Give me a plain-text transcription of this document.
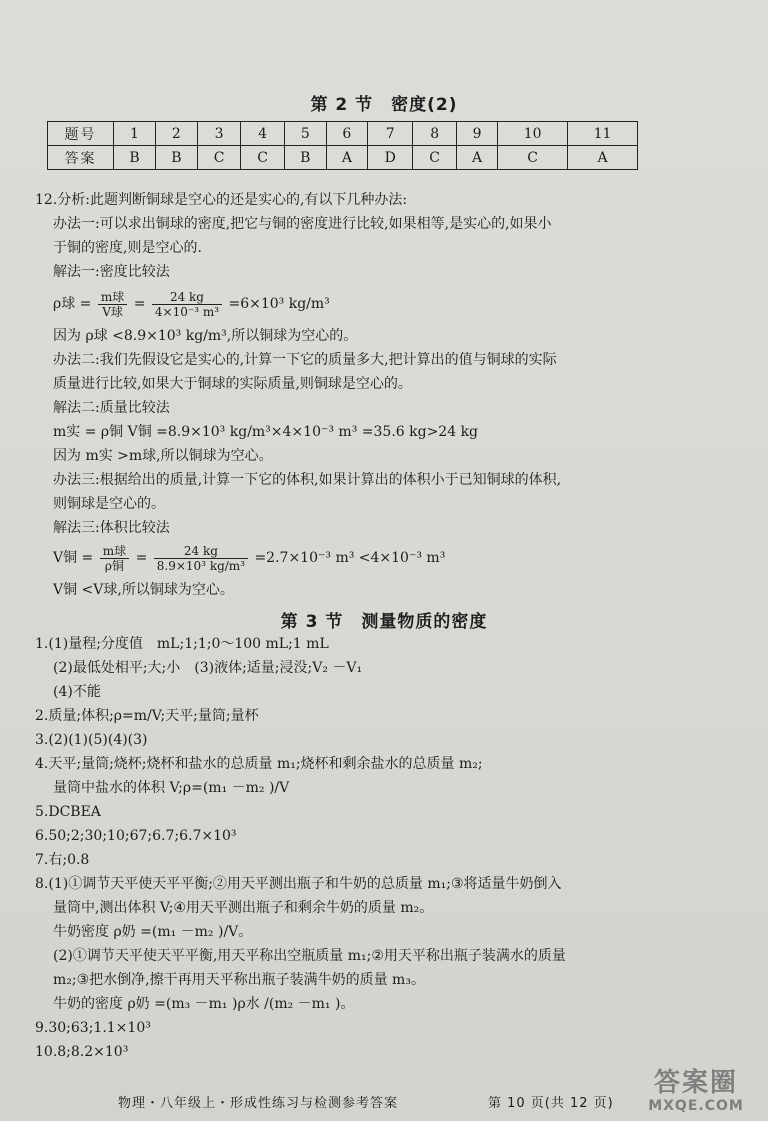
第 2 节　密度(2)
题号	1	2	3	4	5	6	7	8	9	10	11
答案	B	B	C	C	B	A	D	C	A	C	A
12.分析:此题判断铜球是空心的还是实心的,有以下几种办法:
办法一:可以求出铜球的密度,把它与铜的密度进行比较,如果相等,是实心的,如果小
于铜的密度,则是空心的.
解法一:密度比较法
ρ球 = $\frac{\text{m球}}{\text{V球}} = \frac{24 kg}{\text{4×10⁻³ m³}} =6\times 10^3$ kg/m³
因为 ρ球 <8.9×10³ kg/m³,所以铜球为空心的。
办法二:我们先假设它是实心的,计算一下它的质量多大,把计算出的值与铜球的实际
质量进行比较,如果大于铜球的实际质量,则铜球是空心的。
解法二:质量比较法
m实 = ρ铜 V铜 =8.9×10³ kg/m³×4×10⁻³ m³ =35.6 kg>24 kg
因为 m实 >m球,所以铜球为空心。
办法三:根据给出的质量,计算一下它的体积,如果计算出的体积小于已知铜球的体积,
则铜球是空心的。
解法三:体积比较法
V铜 = $\frac{\text{m球}}{\text{ρ铜}} = \frac{24 kg}{\text{8.9×10³ kg/m³}} =2.7\times 10^{-3}$ m³ <4×10⁻³ m³
V铜 <V球,所以铜球为空心。
第 3 节　测量物质的密度
1.(1)量程;分度值　mL;1;1;0～100 mL;1 mL
(2)最低处相平;大;小　(3)液体;适量;浸没;V₂ －V₁
(4)不能
2.质量;体积;ρ=m/V;天平;量筒;量杯
3.(2)(1)(5)(4)(3)
4.天平;量筒;烧杯;烧杯和盐水的总质量 m₁;烧杯和剩余盐水的总质量 m₂;
量筒中盐水的体积 V;ρ=(m₁ －m₂ )/V
5.DCBEA
6.50;2;30;10;67;6.7;6.7×10³
7.右;0.8
8.(1)①调节天平使天平平衡;②用天平测出瓶子和牛奶的总质量 m₁;③将适量牛奶倒入
量筒中,测出体积 V;④用天平测出瓶子和剩余牛奶的质量 m₂。
牛奶密度 ρ奶 =(m₁ －m₂ )/V。
(2)①调节天平使天平平衡,用天平称出空瓶质量 m₁;②用天平称出瓶子装满水的质量
m₂;③把水倒净,擦干再用天平称出瓶子装满牛奶的质量 m₃。
牛奶的密度 ρ奶 =(m₃ －m₁ )ρ水 /(m₂ －m₁ )。
9.30;63;1.1×10³
10.8;8.2×10³
物理・八年级上・形成性练习与检测参考答案	第 10 页(共 12 页)
答案圈
MXQE.COM
